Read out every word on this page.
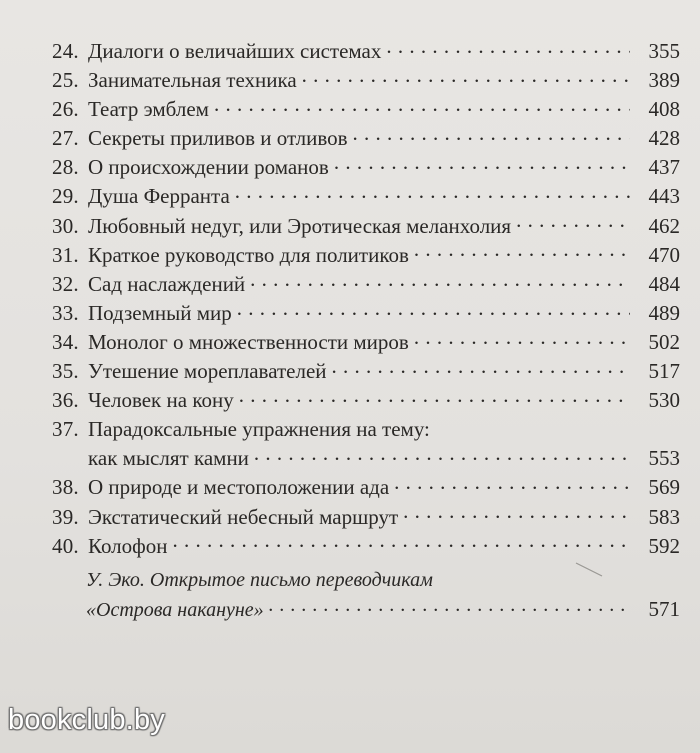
24. Диалоги о величайших системах . . .	355
25. Занимательная техника . . .	389
26. Театр эмблем . . .	408
27. Секреты приливов и отливов . . .	428
28. О происхождении романов . . .	437
29. Душа Ферранта . . .	443
30. Любовный недуг, или Эротическая меланхолия . . .	462
31. Краткое руководство для политиков . . .	470
32. Сад наслаждений . . .	484
33. Подземный мир . . .	489
34. Монолог о множественности миров . . .	502
35. Утешение мореплавателей . . .	517
36. Человек на кону . . .	530
37. Парадоксальные упражнения на тему:
как мыслят камни . . .	553
38. О природе и местоположении ада . . .	569
39. Экстатический небесный маршрут . . .	583
40. Колофон . . .	592
У. Эко. Открытое письмо переводчикам
«Острова накануне» . . .	571
bookclub.by
